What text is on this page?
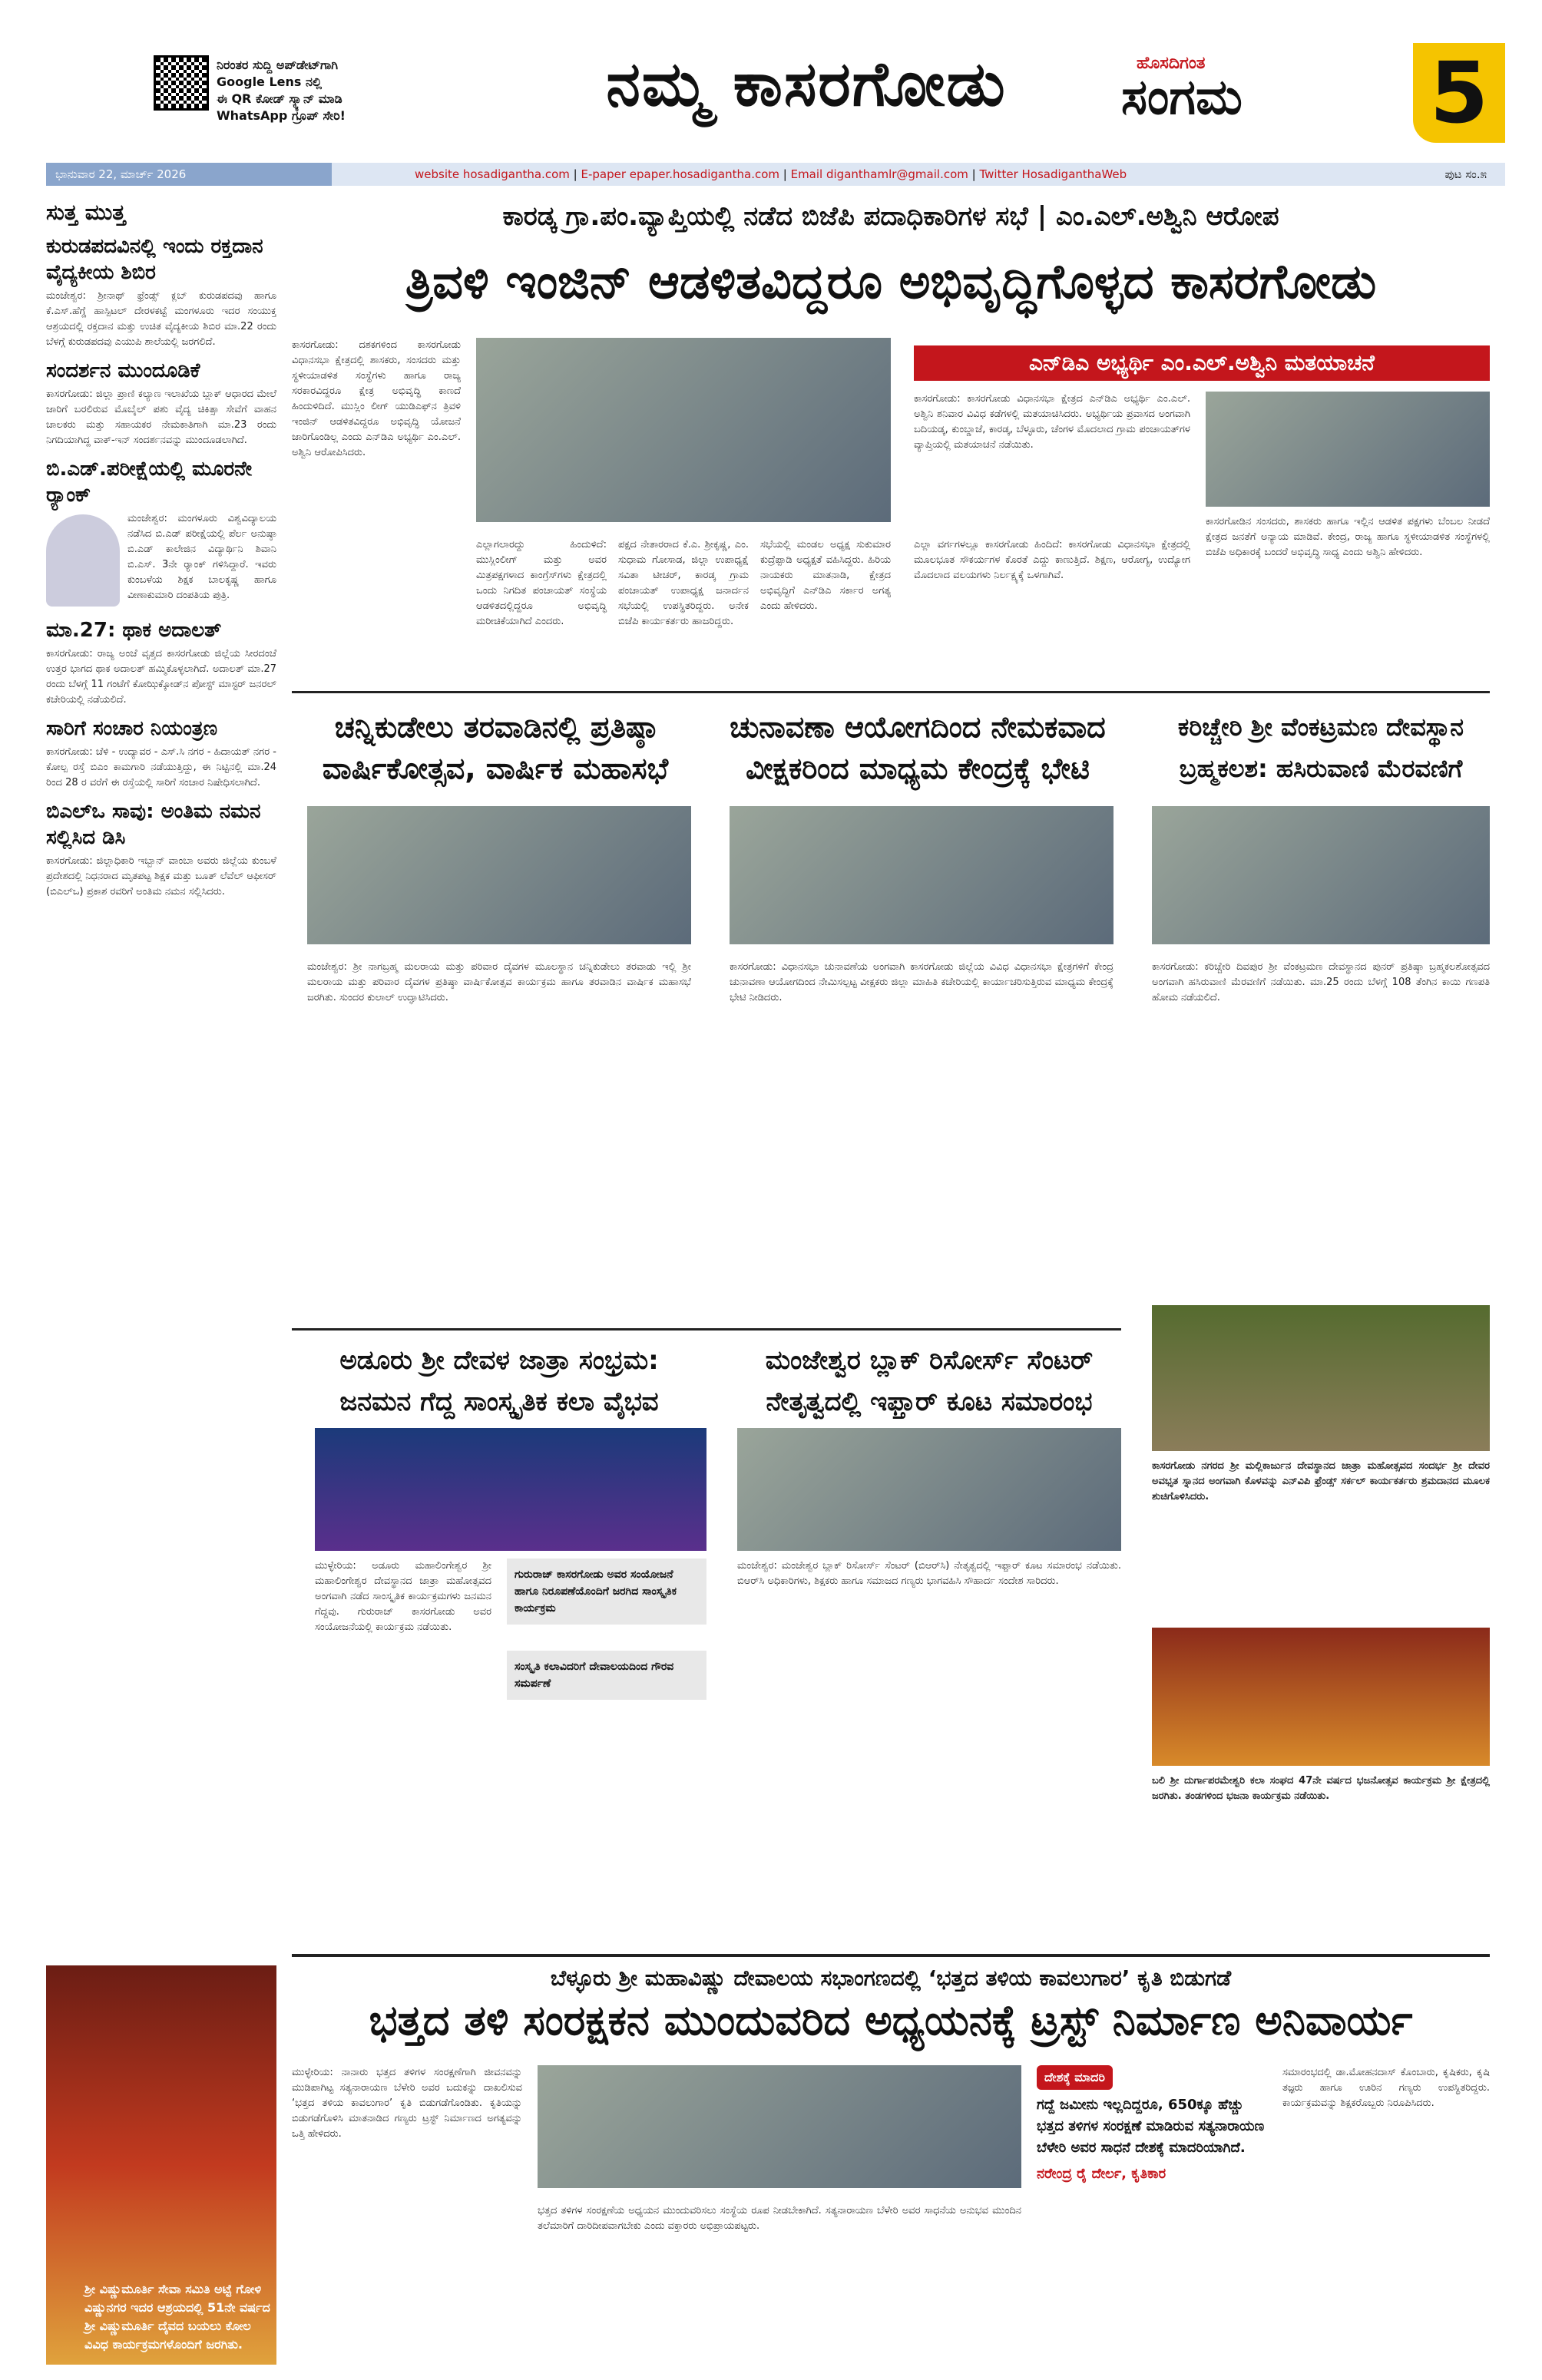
ನಿರಂತರ ಸುದ್ದಿ ಅಪ್‌ಡೇಟ್‌ಗಾಗಿ
Google Lens ನಲ್ಲಿ
ಈ QR ಕೋಡ್ ಸ್ಕ್ಯಾನ್ ಮಾಡಿ
WhatsApp ಗ್ರೂಪ್ ಸೇರಿ!	ನಮ್ಮ ಕಾಸರಗೋಡು	ಹೊಸದಿಗಂತ
ಸಂಗಮ 5
ಭಾನುವಾರ 22, ಮಾರ್ಚ್ 2026	website hosadigantha.com | E-paper epaper.hosadigantha.com | Email diganthamlr@gmail.com | Twitter HosadiganthaWeb	ಪುಟ ಸಂ.೫
ಸುತ್ತ ಮುತ್ತ
ಕುರುಡಪದವಿನಲ್ಲಿ ಇಂದು ರಕ್ತದಾನ ವೈದ್ಯಕೀಯ ಶಿಬಿರ
ಮಂಜೇಶ್ವರ: ಶ್ರೀನಾಥ್ ಫ್ರೆಂಡ್ಸ್ ಕ್ಲಬ್ ಕುರುಡಪದವು ಹಾಗೂ ಕೆ.ಎಸ್.ಹೆಗ್ಡೆ ಹಾಸ್ಪಿಟಲ್ ದೇರಳಕಟ್ಟೆ ಮಂಗಳೂರು ಇದರ ಸಂಯುಕ್ತ ಆಶ್ರಯದಲ್ಲಿ ರಕ್ತದಾನ ಮತ್ತು ಉಚಿತ ವೈದ್ಯಕೀಯ ಶಿಬಿರ ಮಾ.22 ರಂದು ಬೆಳಗ್ಗೆ ಕುರುಡಪದವು ಎಯುಪಿ ಶಾಲೆಯಲ್ಲಿ ಜರಗಲಿದೆ.
ಸಂದರ್ಶನ ಮುಂದೂಡಿಕೆ
ಕಾಸರಗೋಡು: ಜಿಲ್ಲಾ ಪ್ರಾಣಿ ಕಲ್ಯಾಣ ಇಲಾಖೆಯ ಬ್ಲಾಕ್ ಆಧಾರದ ಮೇಲೆ ಜಾರಿಗೆ ಬರಲಿರುವ ಮೊಬೈಲ್ ಪಶು ವೈದ್ಯ ಚಿಕಿತ್ಸಾ ಸೇವೆಗೆ ವಾಹನ ಚಾಲಕರು ಮತ್ತು ಸಹಾಯಕರ ನೇಮಕಾತಿಗಾಗಿ ಮಾ.23 ರಂದು ನಿಗದಿಯಾಗಿದ್ದ ವಾಕ್-ಇನ್ ಸಂದರ್ಶನವನ್ನು ಮುಂದೂಡಲಾಗಿದೆ.
ಬಿ.ಎಡ್.ಪರೀಕ್ಷೆಯಲ್ಲಿ ಮೂರನೇ ರ‍್ಯಾಂಕ್
ಮಂಜೇಶ್ವರ: ಮಂಗಳೂರು ವಿಶ್ವವಿದ್ಯಾಲಯ ನಡೆಸಿದ ಬಿ.ಎಡ್ ಪರೀಕ್ಷೆಯಲ್ಲಿ ಪೆರ್ಲ ಅನುಷ್ಠಾ ಬಿ.ಎಡ್ ಕಾಲೇಜಿನ ವಿದ್ಯಾರ್ಥಿನಿ ಶಿವಾನಿ ಬಿ.ಎಸ್. 3ನೇ ರ‍್ಯಾಂಕ್ ಗಳಿಸಿದ್ದಾರೆ. ಇವರು ಕುಂಬಳೆಯ ಶಿಕ್ಷಕ ಬಾಲಕೃಷ್ಣ ಹಾಗೂ ವೀಣಾಕುಮಾರಿ ದಂಪತಿಯ ಪುತ್ರಿ.
ಮಾ.27: ಥಾಕ ಅದಾಲತ್
ಕಾಸರಗೋಡು: ರಾಜ್ಯ ಅಂಚೆ ವೃತ್ತದ ಕಾಸರಗೋಡು ಜಿಲ್ಲೆಯ ಸೀರದಂಚೆ ಉತ್ತರ ಭಾಗದ ಥಾಕ ಅದಾಲತ್ ಹಮ್ಮಿಕೊಳ್ಳಲಾಗಿದೆ. ಅದಾಲತ್ ಮಾ.27 ರಂದು ಬೆಳಗ್ಗೆ 11 ಗಂಟೆಗೆ ಕೋಝಿಕ್ಕೋಡ್‌ನ ಪೋಸ್ಟ್ ಮಾಸ್ಟರ್ ಜನರಲ್ ಕಚೇರಿಯಲ್ಲಿ ನಡೆಯಲಿದೆ.
ಸಾರಿಗೆ ಸಂಚಾರ ನಿಯಂತ್ರಣ
ಕಾಸರಗೋಡು: ಚೆಳಿ - ಉದ್ಯಾವರ - ಎಸ್.ಸಿ ನಗರ - ಹಿದಾಯತ್ ನಗರ - ಕೋಲ್ಪ ರಸ್ತೆ ಬಿಎಂ ಕಾಮಗಾರಿ ನಡೆಯುತ್ತಿದ್ದು, ಈ ನಿಟ್ಟಿನಲ್ಲಿ ಮಾ.24 ರಿಂದ 28 ರ ವರೆಗೆ ಈ ರಸ್ತೆಯಲ್ಲಿ ಸಾರಿಗೆ ಸಂಚಾರ ನಿಷೇಧಿಸಲಾಗಿದೆ.
ಬಿಎಲ್‌ಒ ಸಾವು: ಅಂತಿಮ ನಮನ ಸಲ್ಲಿಸಿದ ಡಿಸಿ
ಕಾಸರಗೋಡು: ಜಿಲ್ಲಾಧಿಕಾರಿ ಇಬ್ಬಾನ್ ವಾಂಬಾ ಅವರು ಜಿಲ್ಲೆಯ ಕುಂಬಳೆ ಪ್ರದೇಶದಲ್ಲಿ ನಿಧನರಾದ ಮೃತಪಟ್ಟ ಶಿಕ್ಷಕ ಮತ್ತು ಬೂತ್ ಲೆವೆಲ್ ಆಫೀಸರ್ (ಬಿಎಲ್‌ಒ) ಪ್ರಕಾಶ ರವರಿಗೆ ಅಂತಿಮ ನಮನ ಸಲ್ಲಿಸಿದರು.
ಶ್ರೀ ವಿಷ್ಣುಮೂರ್ತಿ ಸೇವಾ ಸಮಿತಿ ಅಟ್ಟೆ ಗೋಳಿ ವಿಷ್ಣುನಗರ ಇದರ ಆಶ್ರಯದಲ್ಲಿ 51ನೇ ವರ್ಷದ ಶ್ರೀ ವಿಷ್ಣುಮೂರ್ತಿ ದೈವದ ಬಯಲು ಕೋಲ ವಿವಿಧ ಕಾರ್ಯಕ್ರಮಗಳೊಂದಿಗೆ ಜರಗಿತು.
ಕಾರಡ್ಕ ಗ್ರಾ.ಪಂ.ವ್ಯಾಪ್ತಿಯಲ್ಲಿ ನಡೆದ ಬಿಜೆಪಿ ಪದಾಧಿಕಾರಿಗಳ ಸಭೆ | ಎಂ.ಎಲ್.ಅಶ್ವಿನಿ ಆರೋಪ
ತ್ರಿವಳಿ ಇಂಜಿನ್ ಆಡಳಿತವಿದ್ದರೂ ಅಭಿವೃದ್ಧಿಗೊಳ್ಳದ ಕಾಸರಗೋಡು
ಕಾಸರಗೋಡು: ದಶಕಗಳಿಂದ ಕಾಸರಗೋಡು ವಿಧಾನಸಭಾ ಕ್ಷೇತ್ರದಲ್ಲಿ ಶಾಸಕರು, ಸಂಸದರು ಮತ್ತು ಸ್ಥಳೀಯಾಡಳಿತ ಸಂಸ್ಥೆಗಳು ಹಾಗೂ ರಾಜ್ಯ ಸರಕಾರವಿದ್ದರೂ ಕ್ಷೇತ್ರ ಅಭಿವೃದ್ಧಿ ಕಾಣದೆ ಹಿಂದುಳಿದಿದೆ. ಮುಸ್ಲಿಂ ಲೀಗ್ ಯುಡಿಎಫ್‌ನ ತ್ರಿವಳಿ ಇಂಜಿನ್ ಆಡಳಿತವಿದ್ದರೂ ಅಭಿವೃದ್ಧಿ ಯೋಜನೆ ಜಾರಿಗೊಂಡಿಲ್ಲ ಎಂದು ಎನ್‌ಡಿಎ ಅಭ್ಯರ್ಥಿ ಎಂ.ಎಲ್. ಅಶ್ವಿನಿ ಆರೋಪಿಸಿದರು.
ಎಲ್ಲಾಗಲಾರದ್ದು ಹಿಂದುಳಿದೆ: ಮುಸ್ಲಿಂಲೀಗ್ ಮತ್ತು ಅವರ ಮಿತ್ರಪಕ್ಷಗಳಾದ ಕಾಂಗ್ರೆಸ್‌ಗಳು ಕ್ಷೇತ್ರದಲ್ಲಿ ಒಂದು ನಿಗದಿತ ಪಂಚಾಯತ್ ಸಂಸ್ಥೆಯ ಆಡಳಿತದಲ್ಲಿದ್ದರೂ ಅಭಿವೃದ್ಧಿ ಮರೀಚಿಕೆಯಾಗಿದೆ ಎಂದರು.
ಪಕ್ಷದ ನೇತಾರರಾದ ಕೆ.ಎ. ಶ್ರೀಕೃಷ್ಣ, ಎಂ. ಸುಧಾಮ ಗೋಸಾಡ, ಜಿಲ್ಲಾ ಉಪಾಧ್ಯಕ್ಷೆ ಸವಿತಾ ಟೀಚರ್, ಕಾರಡ್ಕ ಗ್ರಾಮ ಪಂಚಾಯತ್ ಉಪಾಧ್ಯಕ್ಷ ಜನಾರ್ದನ ಸಭೆಯಲ್ಲಿ ಉಪಸ್ಥಿತರಿದ್ದರು. ಅನೇಕ ಬಿಜೆಪಿ ಕಾರ್ಯಕರ್ತರು ಹಾಜರಿದ್ದರು.
ಸಭೆಯಲ್ಲಿ ಮಂಡಲ ಅಧ್ಯಕ್ಷ ಸುಕುಮಾರ ಕುದ್ರೆಪ್ಪಾಡಿ ಅಧ್ಯಕ್ಷತೆ ವಹಿಸಿದ್ದರು. ಹಿರಿಯ ನಾಯಕರು ಮಾತನಾಡಿ, ಕ್ಷೇತ್ರದ ಅಭಿವೃದ್ಧಿಗೆ ಎನ್‌ಡಿಎ ಸರ್ಕಾರ ಅಗತ್ಯ ಎಂದು ಹೇಳಿದರು.
ಎನ್‌ಡಿಎ ಅಭ್ಯರ್ಥಿ ಎಂ.ಎಲ್.ಅಶ್ವಿನಿ ಮತಯಾಚನೆ
ಕಾಸರಗೋಡು: ಕಾಸರಗೋಡು ವಿಧಾನಸಭಾ ಕ್ಷೇತ್ರದ ಎನ್‌ಡಿಎ ಅಭ್ಯರ್ಥಿ ಎಂ.ಎಲ್. ಅಶ್ವಿನಿ ಶನಿವಾರ ವಿವಿಧ ಕಡೆಗಳಲ್ಲಿ ಮತಯಾಚಿಸಿದರು. ಅಭ್ಯರ್ಥಿಯ ಪ್ರವಾಸದ ಅಂಗವಾಗಿ ಬದಿಯಡ್ಕ, ಕುಂಬ್ಡಾಜೆ, ಕಾರಡ್ಕ, ಬೆಳ್ಳೂರು, ಚೆಂಗಳ ಮೊದಲಾದ ಗ್ರಾಮ ಪಂಚಾಯತ್‌ಗಳ ವ್ಯಾಪ್ತಿಯಲ್ಲಿ ಮತಯಾಚನೆ ನಡೆಯಿತು.
ಕಾಸರಗೋಡಿನ ಸಂಸದರು, ಶಾಸಕರು ಹಾಗೂ ಇಲ್ಲಿನ ಆಡಳಿತ ಪಕ್ಷಗಳು ಬೆಂಬಲ ನೀಡದೆ ಕ್ಷೇತ್ರದ ಜನತೆಗೆ ಅನ್ಯಾಯ ಮಾಡಿವೆ. ಕೇಂದ್ರ, ರಾಜ್ಯ ಹಾಗೂ ಸ್ಥಳೀಯಾಡಳಿತ ಸಂಸ್ಥೆಗಳಲ್ಲಿ ಬಿಜೆಪಿ ಅಧಿಕಾರಕ್ಕೆ ಬಂದರೆ ಅಭಿವೃದ್ಧಿ ಸಾಧ್ಯ ಎಂದು ಅಶ್ವಿನಿ ಹೇಳಿದರು.
ಎಲ್ಲಾ ವರ್ಗಗಳಲ್ಲೂ ಕಾಸರಗೋಡು ಹಿಂದಿದೆ: ಕಾಸರಗೋಡು ವಿಧಾನಸಭಾ ಕ್ಷೇತ್ರದಲ್ಲಿ ಮೂಲಭೂತ ಸೌಕರ್ಯಗಳ ಕೊರತೆ ಎದ್ದು ಕಾಣುತ್ತಿದೆ. ಶಿಕ್ಷಣ, ಆರೋಗ್ಯ, ಉದ್ಯೋಗ ಮೊದಲಾದ ವಲಯಗಳು ನಿರ್ಲಕ್ಷ್ಯಕ್ಕೆ ಒಳಗಾಗಿವೆ.
ಚನ್ನಿಕುಡೇಲು ತರವಾಡಿನಲ್ಲಿ ಪ್ರತಿಷ್ಠಾ ವಾರ್ಷಿಕೋತ್ಸವ, ವಾರ್ಷಿಕ ಮಹಾಸಭೆ
ಮಂಜೇಶ್ವರ: ಶ್ರೀ ನಾಗಬ್ರಹ್ಮ ಮಲರಾಯ ಮತ್ತು ಪರಿವಾರ ದೈವಗಳ ಮೂಲಸ್ಥಾನ ಚನ್ನಿಕುಡೇಲು ತರವಾಡು ಇಲ್ಲಿ ಶ್ರೀ ಮಲರಾಯ ಮತ್ತು ಪರಿವಾರ ದೈವಗಳ ಪ್ರತಿಷ್ಠಾ ವಾರ್ಷಿಕೋತ್ಸವ ಕಾರ್ಯಕ್ರಮ ಹಾಗೂ ತರವಾಡಿನ ವಾರ್ಷಿಕ ಮಹಾಸಭೆ ಜರಗಿತು. ಸುಂದರ ಕುಲಾಲ್ ಉದ್ಘಾಟಿಸಿದರು.
ಚುನಾವಣಾ ಆಯೋಗದಿಂದ ನೇಮಕವಾದ ವೀಕ್ಷಕರಿಂದ ಮಾಧ್ಯಮ ಕೇಂದ್ರಕ್ಕೆ ಭೇಟಿ
ಕಾಸರಗೋಡು: ವಿಧಾನಸಭಾ ಚುನಾವಣೆಯ ಅಂಗವಾಗಿ ಕಾಸರಗೋಡು ಜಿಲ್ಲೆಯ ವಿವಿಧ ವಿಧಾನಸಭಾ ಕ್ಷೇತ್ರಗಳಿಗೆ ಕೇಂದ್ರ ಚುನಾವಣಾ ಆಯೋಗದಿಂದ ನೇಮಿಸಲ್ಪಟ್ಟ ವೀಕ್ಷಕರು ಜಿಲ್ಲಾ ಮಾಹಿತಿ ಕಚೇರಿಯಲ್ಲಿ ಕಾರ್ಯಾಚರಿಸುತ್ತಿರುವ ಮಾಧ್ಯಮ ಕೇಂದ್ರಕ್ಕೆ ಭೇಟಿ ನೀಡಿದರು.
ಕರಿಚ್ಚೇರಿ ಶ್ರೀ ವೆಂಕಟ್ರಮಣ ದೇವಸ್ಥಾನ ಬ್ರಹ್ಮಕಲಶ: ಹಸಿರುವಾಣಿ ಮೆರವಣಿಗೆ
ಕಾಸರಗೋಡು: ಕರಿಚ್ಚೇರಿ ದಿವಪುರ ಶ್ರೀ ವೆಂಕಟ್ರಮಣ ದೇವಸ್ಥಾನದ ಪುನರ್ ಪ್ರತಿಷ್ಠಾ ಬ್ರಹ್ಮಕಲಶೋತ್ಸವದ ಅಂಗವಾಗಿ ಹಸಿರುವಾಣಿ ಮೆರವಣಿಗೆ ನಡೆಯಿತು. ಮಾ.25 ರಂದು ಬೆಳಗ್ಗೆ 108 ತೆಂಗಿನ ಕಾಯಿ ಗಣಪತಿ ಹೋಮ ನಡೆಯಲಿದೆ.
ಅಡೂರು ಶ್ರೀ ದೇವಳ ಜಾತ್ರಾ ಸಂಭ್ರಮ: ಜನಮನ ಗೆದ್ದ ಸಾಂಸ್ಕೃತಿಕ ಕಲಾ ವೈಭವ
ಮುಳ್ಳೇರಿಯ: ಅಡೂರು ಮಹಾಲಿಂಗೇಶ್ವರ ಶ್ರೀ ಮಹಾಲಿಂಗೇಶ್ವರ ದೇವಸ್ಥಾನದ ಜಾತ್ರಾ ಮಹೋತ್ಸವದ ಅಂಗವಾಗಿ ನಡೆದ ಸಾಂಸ್ಕೃತಿಕ ಕಾರ್ಯಕ್ರಮಗಳು ಜನಮನ ಗೆದ್ದವು. ಗುರುರಾಜ್ ಕಾಸರಗೋಡು ಅವರ ಸಂಯೋಜನೆಯಲ್ಲಿ ಕಾರ್ಯಕ್ರಮ ನಡೆಯಿತು.
ಗುರುರಾಜ್ ಕಾಸರಗೋಡು ಅವರ ಸಂಯೋಜನೆ ಹಾಗೂ ನಿರೂಪಣೆಯೊಂದಿಗೆ ಜರಗಿದ ಸಾಂಸ್ಕೃತಿಕ ಕಾರ್ಯಕ್ರಮ
ಸಂಸ್ಕೃತಿ ಕಲಾವಿದರಿಗೆ ದೇವಾಲಯದಿಂದ ಗೌರವ ಸಮರ್ಪಣೆ
ಮಂಜೇಶ್ವರ ಬ್ಲಾಕ್ ರಿಸೋರ್ಸ್ ಸೆಂಟರ್ ನೇತೃತ್ವದಲ್ಲಿ ಇಫ್ತಾರ್ ಕೂಟ ಸಮಾರಂಭ
ಮಂಜೇಶ್ವರ: ಮಂಜೇಶ್ವರ ಬ್ಲಾಕ್ ರಿಸೋರ್ಸ್ ಸೆಂಟರ್ (ಬಿಆರ್‌ಸಿ) ನೇತೃತ್ವದಲ್ಲಿ ಇಫ್ತಾರ್ ಕೂಟ ಸಮಾರಂಭ ನಡೆಯಿತು. ಬಿಆರ್‌ಸಿ ಅಧಿಕಾರಿಗಳು, ಶಿಕ್ಷಕರು ಹಾಗೂ ಸಮಾಜದ ಗಣ್ಯರು ಭಾಗವಹಿಸಿ ಸೌಹಾರ್ದ ಸಂದೇಶ ಸಾರಿದರು.
ಕಾಸರಗೋಡು ನಗರದ ಶ್ರೀ ಮಲ್ಲಿಕಾರ್ಜುನ ದೇವಸ್ಥಾನದ ಜಾತ್ರಾ ಮಹೋತ್ಸವದ ಸಂದರ್ಭ ಶ್ರೀ ದೇವರ ಅವಭೃತ ಸ್ನಾನದ ಅಂಗವಾಗಿ ಕೊಳವನ್ನು ಎನ್‌ವಿಪಿ ಫ್ರೆಂಡ್ಸ್ ಸರ್ಕಲ್ ಕಾರ್ಯಕರ್ತರು ಶ್ರಮದಾನದ ಮೂಲಕ ಶುಚಿಗೊಳಿಸಿದರು.
ಬಲಿ ಶ್ರೀ ದುರ್ಗಾಪರಮೇಶ್ವರಿ ಕಲಾ ಸಂಘದ 47ನೇ ವರ್ಷದ ಭಜನೋತ್ಸವ ಕಾರ್ಯಕ್ರಮ ಶ್ರೀ ಕ್ಷೇತ್ರದಲ್ಲಿ ಜರಗಿತು. ತಂಡಗಳಿಂದ ಭಜನಾ ಕಾರ್ಯಕ್ರಮ ನಡೆಯಿತು.
ಬೆಳ್ಳೂರು ಶ್ರೀ ಮಹಾವಿಷ್ಣು ದೇವಾಲಯ ಸಭಾಂಗಣದಲ್ಲಿ ‘ಭತ್ತದ ತಳಿಯ ಕಾವಲುಗಾರ’ ಕೃತಿ ಬಿಡುಗಡೆ
ಭತ್ತದ ತಳಿ ಸಂರಕ್ಷಕನ ಮುಂದುವರಿದ ಅಧ್ಯಯನಕ್ಕೆ ಟ್ರಸ್ಟ್ ನಿರ್ಮಾಣ ಅನಿವಾರ್ಯ
ಮುಳ್ಳೇರಿಯ: ನಾನಾರು ಭತ್ತದ ತಳಿಗಳ ಸಂರಕ್ಷಣೆಗಾಗಿ ಜೀವನವನ್ನು ಮುಡಿಪಾಗಿಟ್ಟ ಸತ್ಯನಾರಾಯಣ ಬೆಳೇರಿ ಅವರ ಬದುಕನ್ನು ದಾಖಲಿಸುವ ‘ಭತ್ತದ ತಳಿಯ ಕಾವಲುಗಾರ’ ಕೃತಿ ಬಿಡುಗಡೆಗೊಂಡಿತು. ಕೃತಿಯನ್ನು ಬಿಡುಗಡೆಗೊಳಿಸಿ ಮಾತನಾಡಿದ ಗಣ್ಯರು ಟ್ರಸ್ಟ್ ನಿರ್ಮಾಣದ ಅಗತ್ಯವನ್ನು ಒತ್ತಿ ಹೇಳಿದರು.
ಭತ್ತದ ತಳಿಗಳ ಸಂರಕ್ಷಣೆಯ ಅಧ್ಯಯನ ಮುಂದುವರಿಸಲು ಸಂಸ್ಥೆಯ ರೂಪ ನೀಡಬೇಕಾಗಿದೆ. ಸತ್ಯನಾರಾಯಣ ಬೆಳೇರಿ ಅವರ ಸಾಧನೆಯ ಅನುಭವ ಮುಂದಿನ ತಲೆಮಾರಿಗೆ ದಾರಿದೀಪವಾಗಬೇಕು ಎಂದು ವಕ್ತಾರರು ಅಭಿಪ್ರಾಯಪಟ್ಟರು.
ದೇಶಕ್ಕೆ ಮಾದರಿ
ಗದ್ದೆ ಜಮೀನು ಇಲ್ಲದಿದ್ದರೂ, 650ಕ್ಕೂ ಹೆಚ್ಚು ಭತ್ತದ ತಳಿಗಳ ಸಂರಕ್ಷಣೆ ಮಾಡಿರುವ ಸತ್ಯನಾರಾಯಣ ಬೆಳೇರಿ ಅವರ ಸಾಧನೆ ದೇಶಕ್ಕೆ ಮಾದರಿಯಾಗಿದೆ.
ನರೇಂದ್ರ ರೈ ದೇರ್ಲ, ಕೃತಿಕಾರ
ಸಮಾರಂಭದಲ್ಲಿ ಡಾ.ಮೋಹನದಾಸ್ ಕೊಂಬಾರು, ಕೃಷಿಕರು, ಕೃಷಿ ತಜ್ಞರು ಹಾಗೂ ಊರಿನ ಗಣ್ಯರು ಉಪಸ್ಥಿತರಿದ್ದರು. ಕಾರ್ಯಕ್ರಮವನ್ನು ಶಿಕ್ಷಕರೊಬ್ಬರು ನಿರೂಪಿಸಿದರು.
